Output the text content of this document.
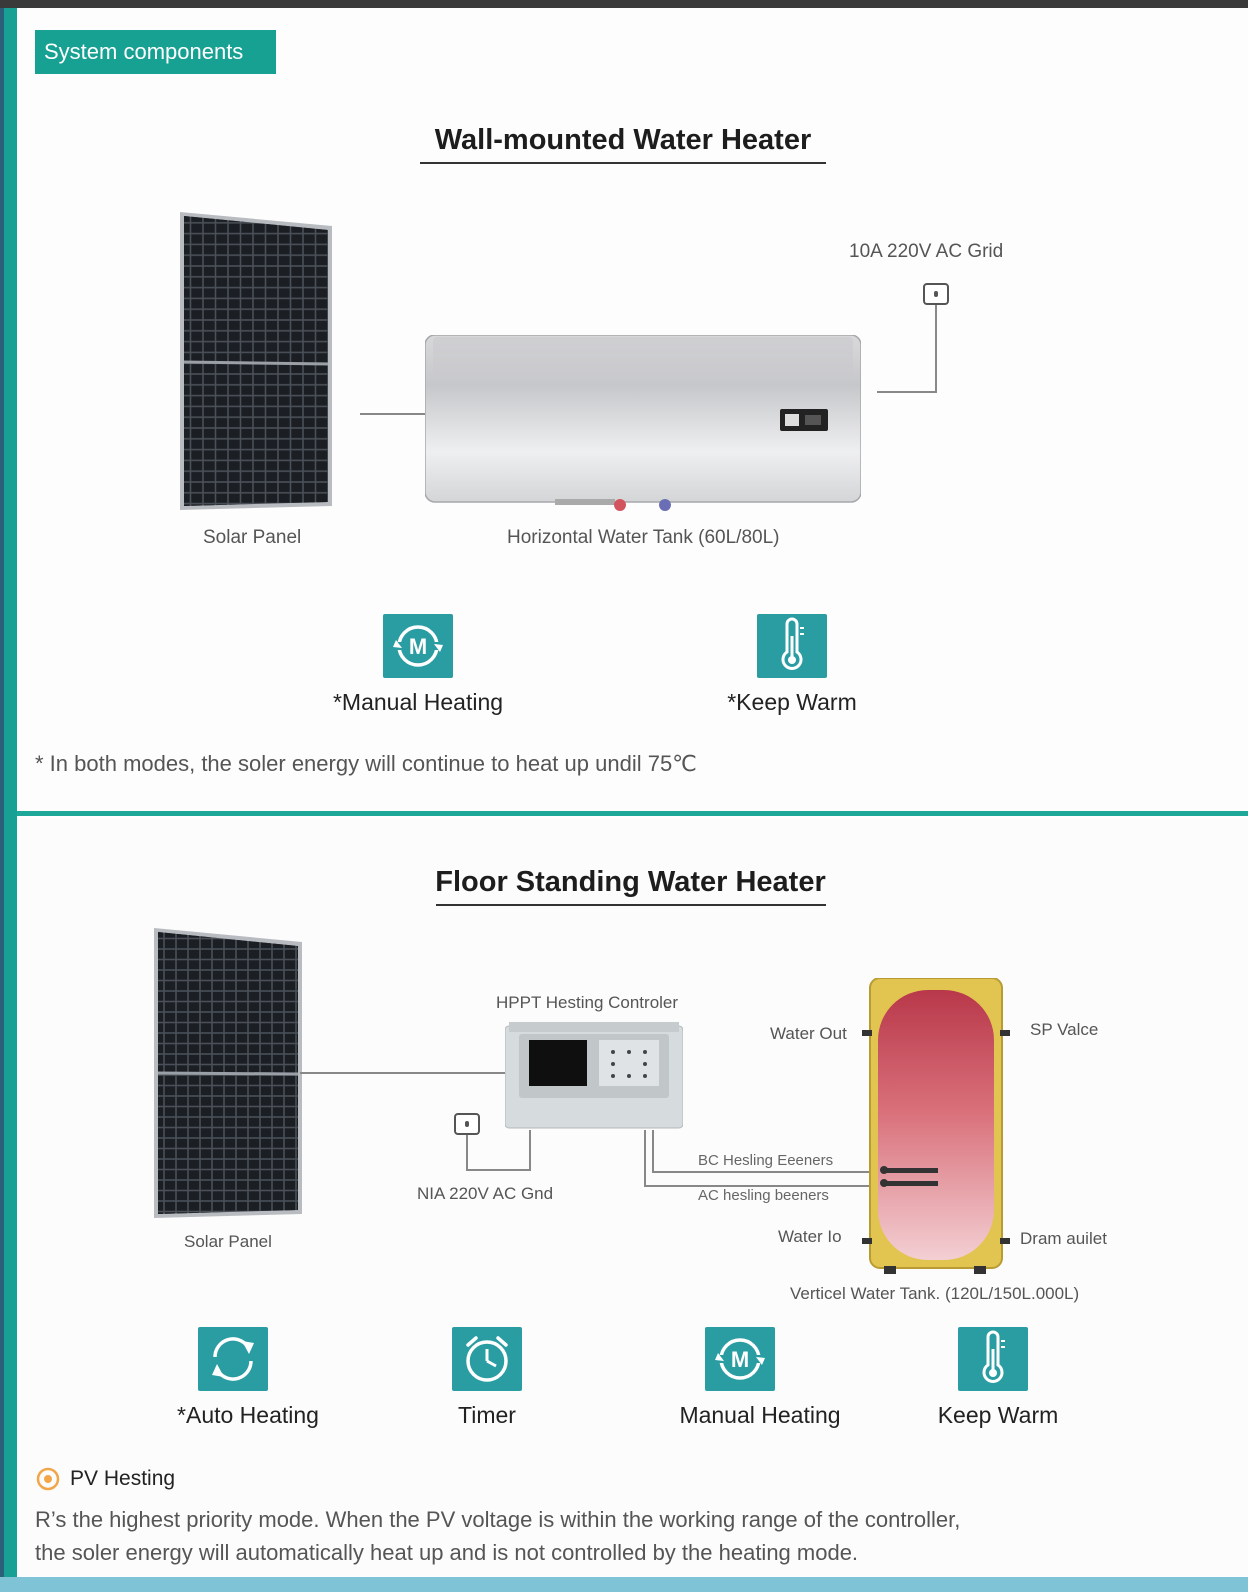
System components
Wall-mounted Water Heater
Solar Panel	Horizontal Water Tank (60L/80L)
10A 220V AC Grid
M
*Manual Heating	*Keep Warm
* In both modes, the soler energy will continue to heat up undil 75℃
Floor Standing Water Heater
Solar Panel
HPPT Hesting Controler
NIA 220V AC Gnd
BC Hesling Eeeners
AC hesling beeners
Water Out	SP Valce
Water Io	Dram auilet
Verticel Water Tank. (120L/150L.000L)
*Auto Heating	Timer
M
Manual Heating	Keep Warm
PV Hesting
R’s the highest priority mode. When the PV voltage is within the working range of the controller,
the soler energy will automatically heat up and is not controlled by the heating mode.
